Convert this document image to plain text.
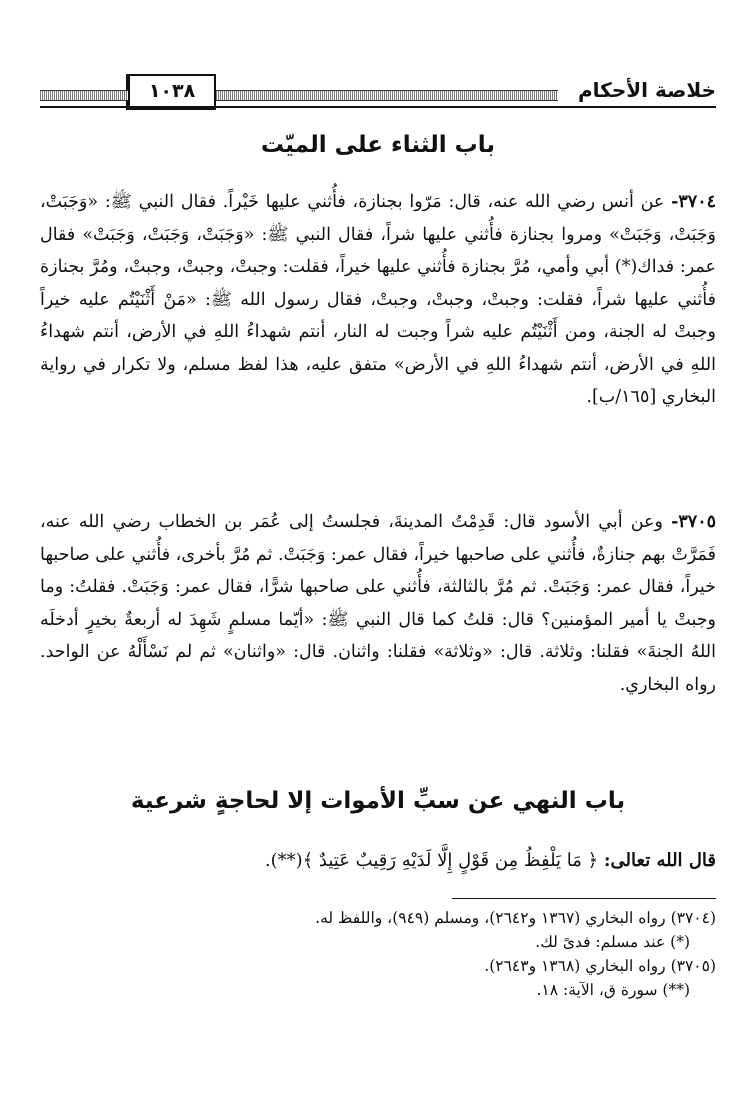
خلاصة الأحكام
١٠٣٨
باب الثناء على الميّت

٣٧٠٤- عن أنس رضي الله عنه، قال: مَرّوا بجنازة، فأُثني عليها خَيْراً. فقال النبي ﷺ: «وَجَبَتْ، وَجَبَتْ، وَجَبَتْ» ومروا بجنازة فأُثني عليها شراً، فقال النبي ﷺ: «وَجَبَتْ، وَجَبَتْ، وَجَبَتْ» فقال عمر: فداك(*) أبي وأمي، مُرَّ بجنازة فأُثني عليها خيراً، فقلت: وجبتْ، وجبتْ، وجبتْ، ومُرَّ بجنازة فأُثني عليها شراً، فقلت: وجبتْ، وجبتْ، وجبتْ، فقال رسول الله ﷺ: «مَنْ أَثْنَيْتُم عليه خيراً وجبتْ له الجنة، ومن أَثْنَيْتُم عليه شراً وجبت له النار، أنتم شهداءُ اللهِ في الأرض، أنتم شهداءُ اللهِ في الأرض، أنتم شهداءُ اللهِ في الأرض» متفق عليه، هذا لفظ مسلم، ولا تكرار في رواية البخاري [١٦٥/ب].

٣٧٠٥- وعن أبي الأسود قال: قَدِمْتُ المدينةَ، فجلستُ إلى عُمَر بن الخطاب رضي الله عنه، فَمَرَّتْ بهم جنازةٌ، فأُثني على صاحبها خيراً، فقال عمر: وَجَبَتْ. ثم مُرَّ بأخرى، فأُثني على صاحبها خيراً، فقال عمر: وَجَبَتْ. ثم مُرَّ بالثالثة، فأُثني على صاحبها شرًّا، فقال عمر: وَجَبَتْ. فقلتُ: وما وجبتْ يا أمير المؤمنين؟ قال: قلتُ كما قال النبي ﷺ: «أيّما مسلمٍ شَهِدَ له أربعةٌ بخيرٍ أدخلَه اللهُ الجنةَ» فقلنا: وثلاثة. قال: «وثلاثة» فقلنا: واثنان. قال: «واثنان» ثم لم نَسْأَلْهُ عن الواحد. رواه البخاري.

باب النهي عن سبِّ الأموات إلا لحاجةٍ شرعية
قال الله تعالى: ﴿ مَا يَلْفِظُ مِن قَوْلٍ إِلَّا لَدَيْهِ رَقِيبٌ عَتِيدٌ ﴾(**).

(٣٧٠٤) رواه البخاري (١٣٦٧ و٢٦٤٢)، ومسلم (٩٤٩)، واللفظ له.

(*) عند مسلم: فدىً لك.

(٣٧٠٥) رواه البخاري (١٣٦٨ و٢٦٤٣).

(**) سورة ق، الآية: ١٨.
